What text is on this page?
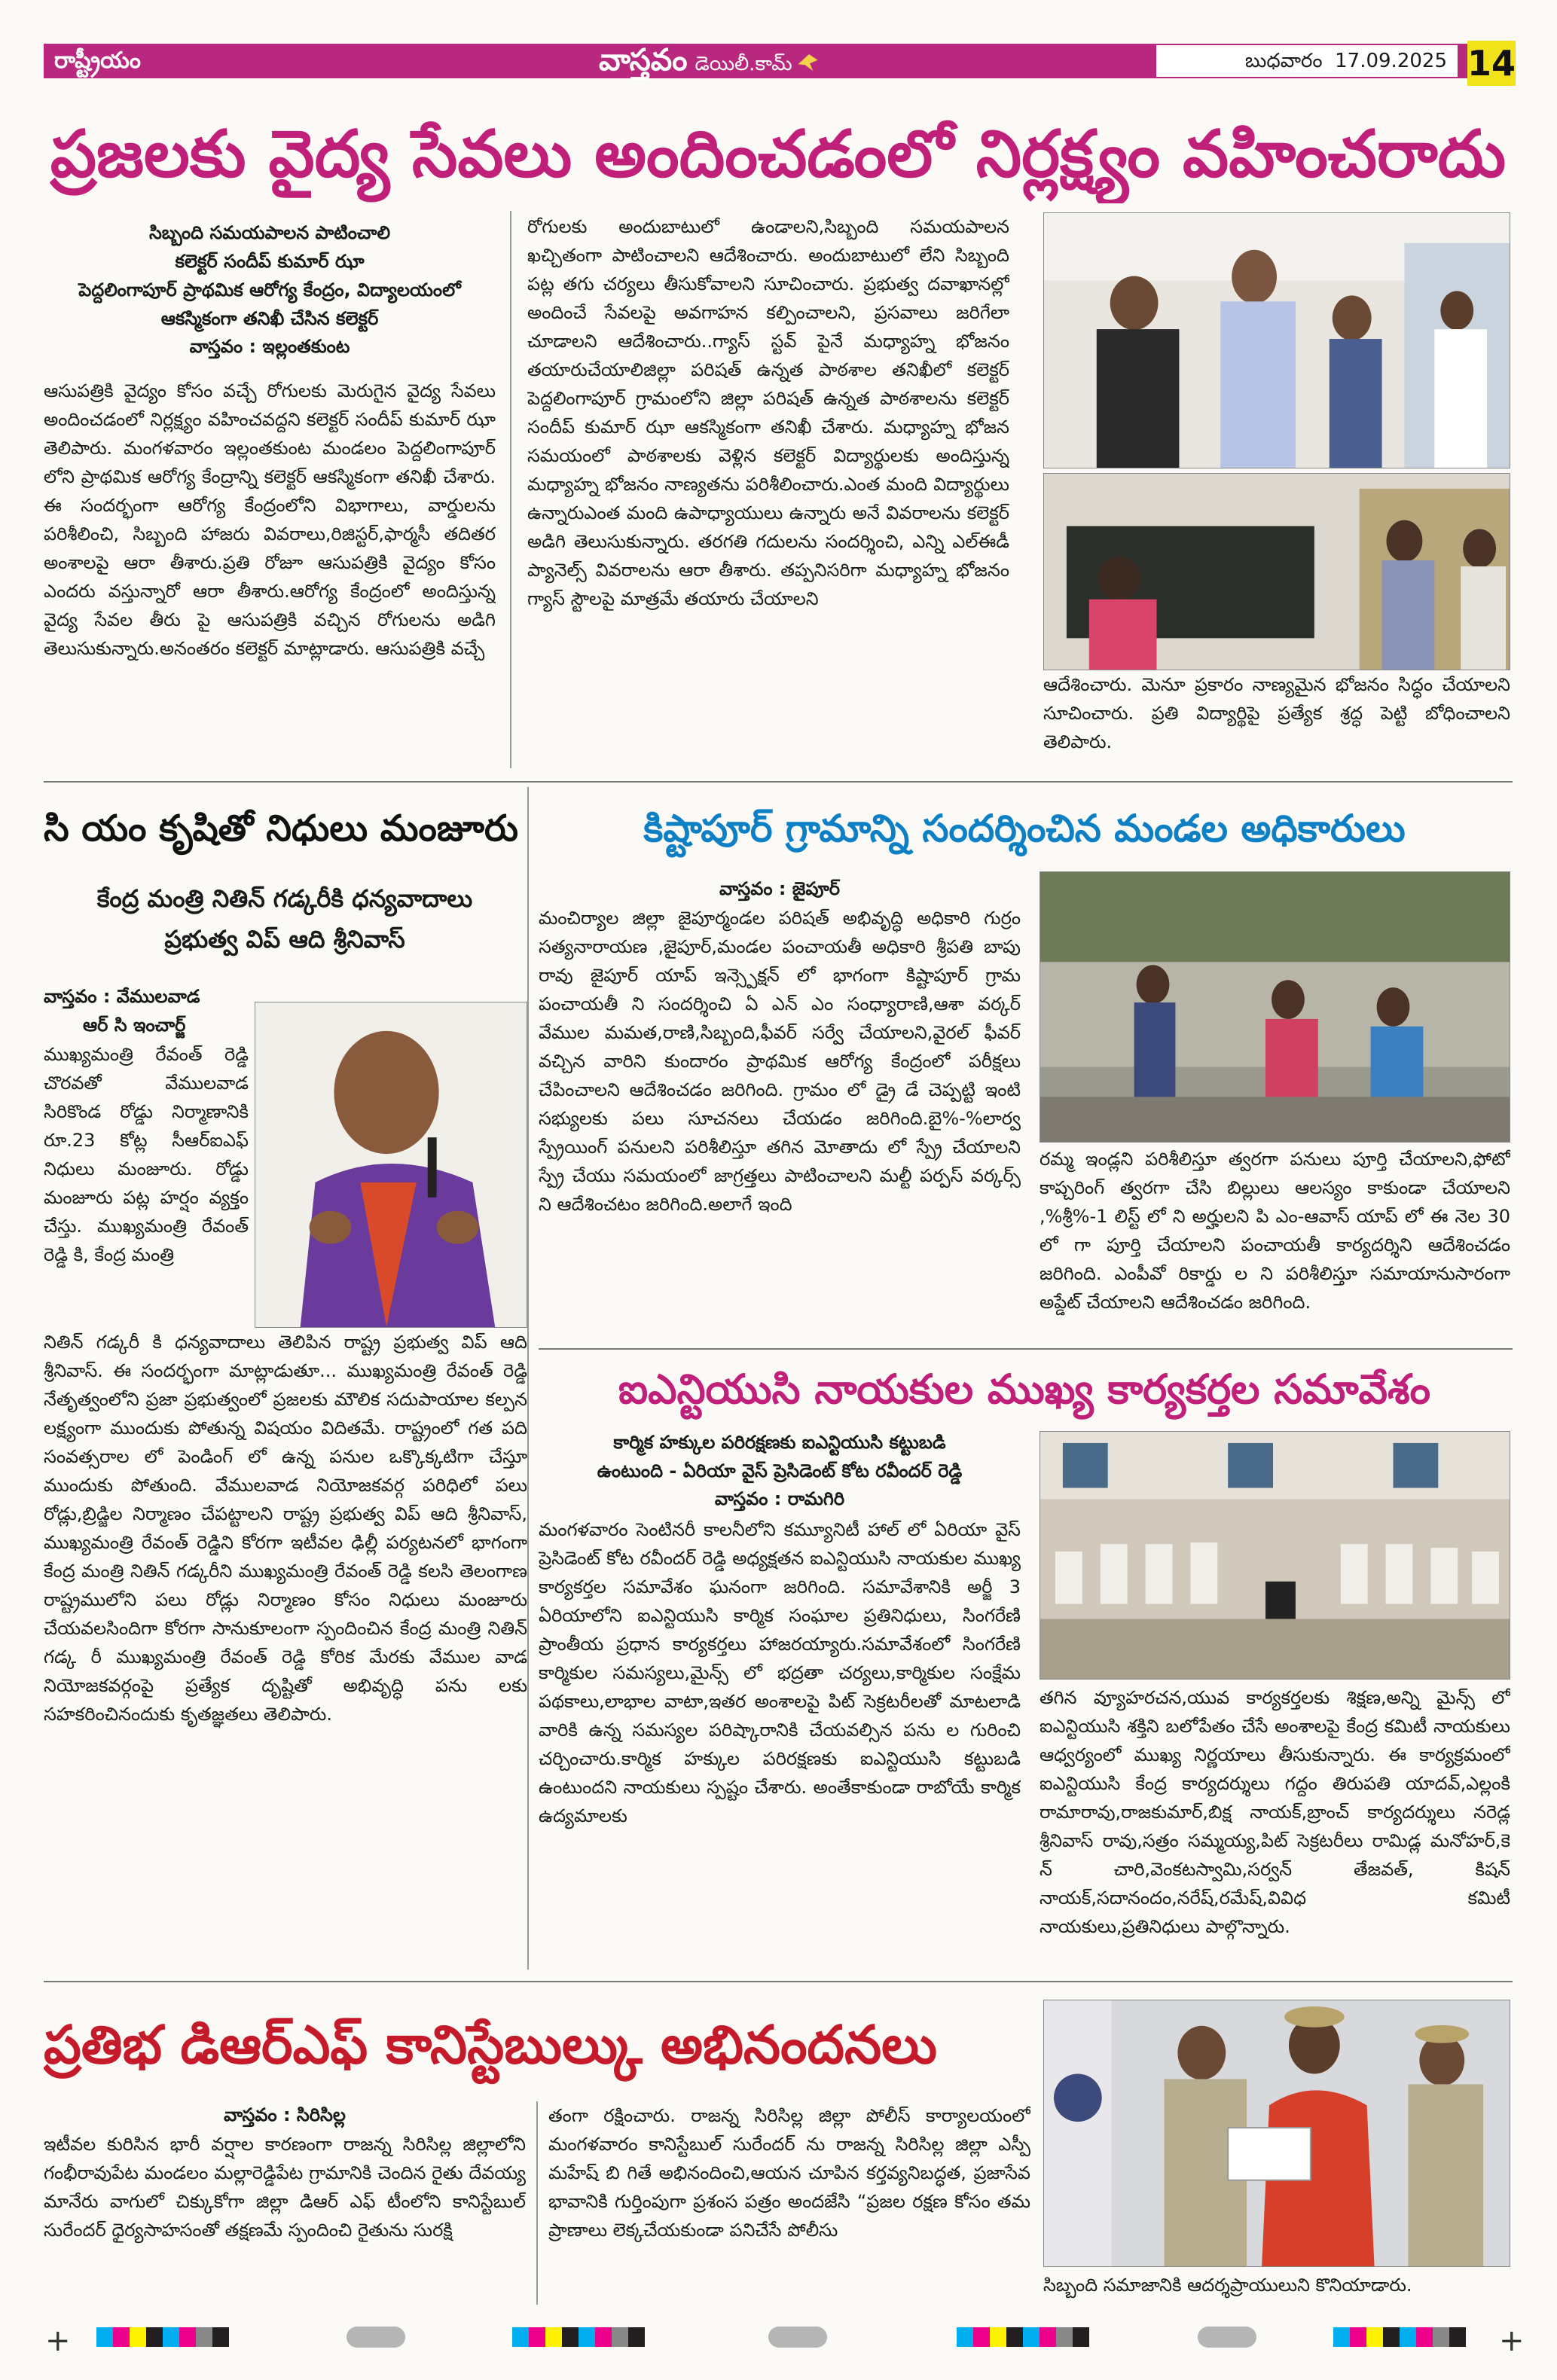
రాష్ట్రీయం	వాస్తవం డెయిలీ.కామ్	బుధవారం 17.09.2025 14
ప్రజలకు వైద్య సేవలు అందించడంలో నిర్లక్ష్యం వహించరాదు
సిబ్బంది సమయపాలన పాటించాలి
కలెక్టర్ సందీప్ కుమార్ ఝా
పెద్దలింగాపూర్ ప్రాథమిక ఆరోగ్య కేంద్రం, విద్యాలయంలో
ఆకస్మికంగా తనిఖీ చేసిన కలెక్టర్
వాస్తవం : ఇల్లంతకుంట
ఆసుపత్రికి వైద్యం కోసం వచ్చే రోగులకు మెరుగైన వైద్య సేవలు అందించడంలో నిర్లక్ష్యం వహించవద్దని కలెక్టర్ సందీప్ కుమార్ ఝా తెలిపారు. మంగళవారం ఇల్లంతకుంట మండలం పెద్దలింగాపూర్ లోని ప్రాథమిక ఆరోగ్య కేంద్రాన్ని కలెక్టర్ ఆకస్మికంగా తనిఖీ చేశారు. ఈ సందర్భంగా ఆరోగ్య కేంద్రంలోని విభాగాలు, వార్డులను పరిశీలించి, సిబ్బంది హాజరు వివరాలు,రిజిస్టర్,ఫార్మసీ తదితర అంశాలపై ఆరా తీశారు.ప్రతి రోజూ ఆసుపత్రికి వైద్యం కోసం ఎందరు వస్తున్నారో ఆరా తీశారు.ఆరోగ్య కేంద్రంలో అందిస్తున్న వైద్య సేవల తీరు పై ఆసుపత్రికి వచ్చిన రోగులను అడిగి తెలుసుకున్నారు.అనంతరం కలెక్టర్ మాట్లాడారు. ఆసుపత్రికి వచ్చే
రోగులకు అందుబాటులో ఉండాలని,సిబ్బంది సమయపాలన ఖచ్చితంగా పాటించాలని ఆదేశించారు. అందుబాటులో లేని సిబ్బంది పట్ల తగు చర్యలు తీసుకోవాలని సూచించారు. ప్రభుత్వ దవాఖానల్లో అందించే సేవలపై అవగాహన కల్పించాలని, ప్రసవాలు జరిగేలా చూడాలని ఆదేశించారు..గ్యాస్ స్టవ్ పైనే మధ్యాహ్న భోజనం తయారుచేయాలిజిల్లా పరిషత్ ఉన్నత పాఠశాల తనిఖీలో కలెక్టర్ పెద్దలింగాపూర్ గ్రామంలోని జిల్లా పరిషత్ ఉన్నత పాఠశాలను కలెక్టర్ సందీప్ కుమార్ ఝా ఆకస్మికంగా తనిఖీ చేశారు. మధ్యాహ్న భోజన సమయంలో పాఠశాలకు వెళ్లిన కలెక్టర్ విద్యార్థులకు అందిస్తున్న మధ్యాహ్న భోజనం నాణ్యతను పరిశీలించారు.ఎంత మంది విద్యార్థులు ఉన్నారుఎంత మంది ఉపాధ్యాయులు ఉన్నారు అనే వివరాలను కలెక్టర్ అడిగి తెలుసుకున్నారు. తరగతి గదులను సందర్శించి, ఎన్ని ఎల్ఈడీ ప్యానెల్స్ వివరాలను ఆరా తీశారు. తప్పనిసరిగా మధ్యాహ్న భోజనం గ్యాస్ స్టౌలపై మాత్రమే తయారు చేయాలని
ఆదేశించారు. మెనూ ప్రకారం నాణ్యమైన భోజనం సిద్ధం చేయాలని సూచించారు. ప్రతి విద్యార్థిపై ప్రత్యేక శ్రద్ధ పెట్టి బోధించాలని తెలిపారు.
సి యం కృషితో నిధులు మంజూరు
కేంద్ర మంత్రి నితిన్ గడ్కరీకి ధన్యవాదాలు
ప్రభుత్వ విప్ ఆది శ్రీనివాస్
వాస్తవం : వేములవాడ
ఆర్ సి ఇంచార్జ్
ముఖ్యమంత్రి రేవంత్ రెడ్డి చొరవతో వేములవాడ సిరికొండ రోడ్డు నిర్మాణానికి రూ.23 కోట్ల సీఆర్ఐఎఫ్ నిధులు మంజూరు. రోడ్డు మంజూరు పట్ల హర్షం వ్యక్తం చేస్తు. ముఖ్యమంత్రి రేవంత్ రెడ్డి కి, కేంద్ర మంత్రి
నితిన్ గడ్కరీ కి ధన్యవాదాలు తెలిపిన రాష్ట్ర ప్రభుత్వ విప్ ఆది శ్రీనివాస్. ఈ సందర్భంగా మాట్లాడుతూ... ముఖ్యమంత్రి రేవంత్ రెడ్డి నేతృత్వంలోని ప్రజా ప్రభుత్వంలో ప్రజలకు మౌలిక సదుపాయాల కల్పన లక్ష్యంగా ముందుకు పోతున్న విషయం విదితమే. రాష్ట్రంలో గత పది సంవత్సరాల లో పెండింగ్ లో ఉన్న పనుల ఒక్కొక్కటిగా చేస్తూ ముందుకు పోతుంది. వేములవాడ నియోజకవర్గ పరిధిలో పలు రోడ్లు,బ్రిడ్జిల నిర్మాణం చేపట్టాలని రాష్ట్ర ప్రభుత్వ విప్ ఆది శ్రీనివాస్, ముఖ్యమంత్రి రేవంత్ రెడ్డిని కోరగా ఇటీవల ఢిల్లీ పర్యటనలో భాగంగా కేంద్ర మంత్రి నితిన్ గడ్కరీని ముఖ్యమంత్రి రేవంత్ రెడ్డి కలసి తెలంగాణ రాష్ట్రములోని పలు రోడ్లు నిర్మాణం కోసం నిధులు మంజూరు చేయవలసిందిగా కోరగా సానుకూలంగా స్పందించిన కేంద్ర మంత్రి నితిన్ గడ్క రీ ముఖ్యమంత్రి రేవంత్ రెడ్డి కోరిక మేరకు వేముల వాడ నియోజకవర్గంపై ప్రత్యేక దృష్టితో అభివృద్ధి పను లకు సహకరించినందుకు కృతజ్ఞతలు తెలిపారు.
కిష్టాపూర్ గ్రామాన్ని సందర్శించిన మండల అధికారులు
వాస్తవం : జైపూర్
మంచిర్యాల జిల్లా జైపూర్మండల పరిషత్ అభివృద్ధి అధికారి గుర్రం సత్యనారాయణ ,జైపూర్,మండల పంచాయతీ అధికారి శ్రీపతి బాపు రావు జైపూర్ యాప్ ఇన్స్పెక్షన్ లో భాగంగా కిష్టాపూర్ గ్రామ పంచాయతీ ని సందర్శించి ఏ ఎన్ ఎం సంధ్యారాణి,ఆశా వర్కర్ వేముల మమత,రాణి,సిబ్బంది,ఫీవర్ సర్వే చేయాలని,వైరల్ ఫీవర్ వచ్చిన వారిని కుందారం ప్రాథమిక ఆరోగ్య కేంద్రంలో పరీక్షలు చేపించాలని ఆదేశించడం జరిగింది. గ్రామం లో డ్రై డే చెప్పట్టి ఇంటి సభ్యులకు పలు సూచనలు చేయడం జరిగింది.బై%-%లార్వ స్ప్రేయింగ్ పనులని పరిశీలిస్తూ తగిన మోతాదు లో స్ప్రే చేయాలని స్ప్రే చేయు సమయంలో జాగ్రత్తలు పాటించాలని మల్టీ పర్పస్ వర్కర్స్ ని ఆదేశించటం జరిగింది.అలాగే ఇంది
రమ్మ ఇండ్లని పరిశీలిస్తూ త్వరగా పనులు పూర్తి చేయాలని,ఫోటో కాప్చరింగ్ త్వరగా చేసి బిల్లులు ఆలస్యం కాకుండా చేయాలని ,%శ్రీ%-1 లిస్ట్ లో ని అర్హులని పి ఎం-ఆవాస్ యాప్ లో ఈ నెల 30 లో గా పూర్తి చేయాలని పంచాయతీ కార్యదర్శిని ఆదేశించడం జరిగింది. ఎంపీవో రికార్డు ల ని పరిశీలిస్తూ సమాయానుసారంగా అప్డేట్ చేయాలని ఆదేశించడం జరిగింది.
ఐఎన్టియుసి నాయకుల ముఖ్య కార్యకర్తల సమావేశం
కార్మిక హక్కుల పరిరక్షణకు ఐఎన్టియుసి కట్టుబడి
ఉంటుంది - ఏరియా వైస్ ప్రెసిడెంట్ కోట రవీందర్ రెడ్డి
వాస్తవం : రామగిరి
మంగళవారం సెంటినరీ కాలనీలోని కమ్యూనిటీ హాల్ లో ఏరియా వైస్ ప్రెసిడెంట్ కోట రవీందర్ రెడ్డి అధ్యక్షతన ఐఎన్టియుసి నాయకుల ముఖ్య కార్యకర్తల సమావేశం ఘనంగా జరిగింది. సమావేశానికి అర్జీ 3 ఏరియాలోని ఐఎన్టియుసి కార్మిక సంఘాల ప్రతినిధులు, సింగరేణి ప్రాంతీయ ప్రధాన కార్యకర్తలు హాజరయ్యారు.సమావేశంలో సింగరేణి కార్మికుల సమస్యలు,మైన్స్ లో భద్రతా చర్యలు,కార్మికుల సంక్షేమ పథకాలు,లాభాల వాటా,ఇతర అంశాలపై పిట్ సెక్రటరీలతో మాటలాడి వారికి ఉన్న సమస్యల పరిష్కారానికి చేయవల్సిన పను ల గురించి చర్చించారు.కార్మిక హక్కుల పరిరక్షణకు ఐఎన్టియుసి కట్టుబడి ఉంటుందని నాయకులు స్పష్టం చేశారు. అంతేకాకుండా రాబోయే కార్మిక ఉద్యమాలకు
తగిన వ్యూహరచన,యువ కార్యకర్తలకు శిక్షణ,అన్ని మైన్స్ లో ఐఎన్టియుసి శక్తిని బలోపేతం చేసే అంశాలపై కేంద్ర కమిటీ నాయకులు ఆధ్వర్యంలో ముఖ్య నిర్ణయాలు తీసుకున్నారు. ఈ కార్యక్రమంలో ఐఎన్టియుసి కేంద్ర కార్యదర్శులు గద్దం తిరుపతి యాదవ్,ఎల్లంకి రామారావు,రాజకుమార్,బిక్ష నాయక్,బ్రాంచ్ కార్యదర్శులు నరెడ్ల శ్రీనివాస్ రావు,సత్రం సమ్మయ్య,పిట్ సెక్రటరీలు రామిడ్ల మనోహర్,కె న్ చారి,వెంకటస్వామి,సర్వన్ తేజవత్, కిషన్ నాయక్,సదానందం,నరేష్,రమేష్,వివిధ కమిటీ నాయకులు,ప్రతినిధులు పాల్గొన్నారు.
ప్రతిభ డిఆర్ఎఫ్ కానిస్టేబుల్కు అభినందనలు
వాస్తవం : సిరిసిల్ల
ఇటీవల కురిసిన భారీ వర్షాల కారణంగా రాజన్న సిరిసిల్ల జిల్లాలోని గంభీరావుపేట మండలం మల్లారెడ్డిపేట గ్రామానికి చెందిన రైతు దేవయ్య మానేరు వాగులో చిక్కుకోగా జిల్లా డిఆర్ ఎఫ్ టీంలోని కానిస్టేబుల్ సురేందర్ ధైర్యసాహసంతో తక్షణమే స్పందించి రైతును సురక్షి
తంగా రక్షించారు. రాజన్న సిరిసిల్ల జిల్లా పోలీస్ కార్యాలయంలో మంగళవారం కానిస్టేబుల్ సురేందర్ ను రాజన్న సిరిసిల్ల జిల్లా ఎస్పీ మహేష్ బి గితే అభినందించి,ఆయన చూపిన కర్తవ్యనిబద్ధత, ప్రజాసేవ భావానికి గుర్తింపుగా ప్రశంస పత్రం అందజేసి “ప్రజల రక్షణ కోసం తమ ప్రాణాలు లెక్కచేయకుండా పనిచేసే పోలీసు
సిబ్బంది సమాజానికి ఆదర్శప్రాయులుని కొనియాడారు.
+	+
